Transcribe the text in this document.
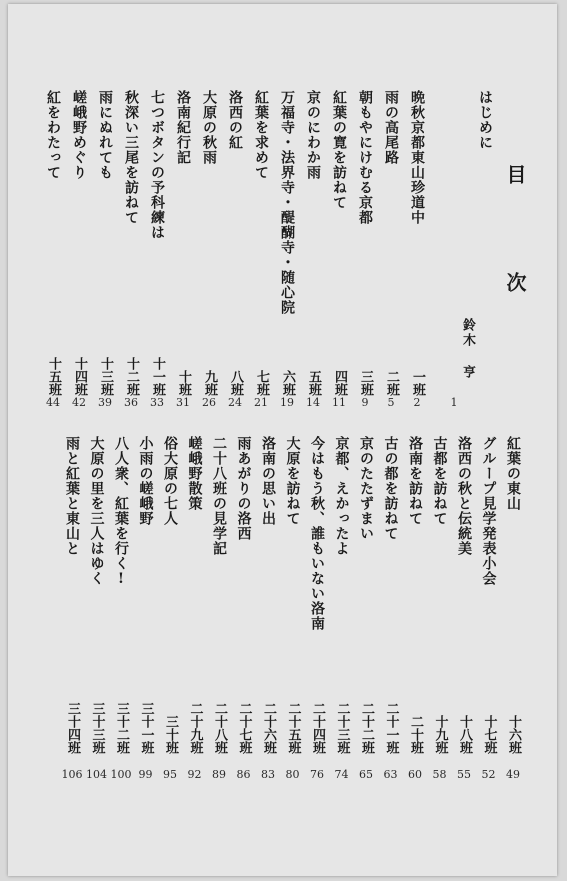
目
次
はじめに
鈴木 亨
1
紅をわたって
十五班
44
嵯峨野めぐり
十四班
42
雨にぬれても
十三班
39
秋深い三尾を訪ねて
十二班
36
七つボタンの予科練は
十一班
33
洛南紀行記
十班
31
大原の秋雨
九班
26
洛西の紅
八班
24
紅葉を求めて
七班
21
万福寺・法界寺・醍醐寺・随心院
六班
19
京のにわか雨
五班
14
紅葉の寛を訪ねて
四班
11
朝もやにけむる京都
三班
9
雨の高尾路
二班
5
晩秋京都東山珍道中
一班
2
紅葉の東山
十六班
49
グループ見学発表小会
十七班
52
洛西の秋と伝統美
十八班
55
古都を訪ねて
十九班
58
洛南を訪ねて
二十班
60
古の都を訪ねて
二十一班
63
京のたたずまい
二十二班
65
京都、えかったよ
二十三班
74
今はもう秋、誰もいない洛南
二十四班
76
大原を訪ねて
二十五班
80
洛南の思い出
二十六班
83
雨あがりの洛西
二十七班
86
二十八班の見学記
二十八班
89
嵯峨野散策
二十九班
92
俗大原の七人
三十班
95
小雨の嵯峨野
三十一班
99
八人衆、紅葉を行く!
三十二班
100
大原の里を三人はゆく
三十三班
104
雨と紅葉と東山と
三十四班
106
